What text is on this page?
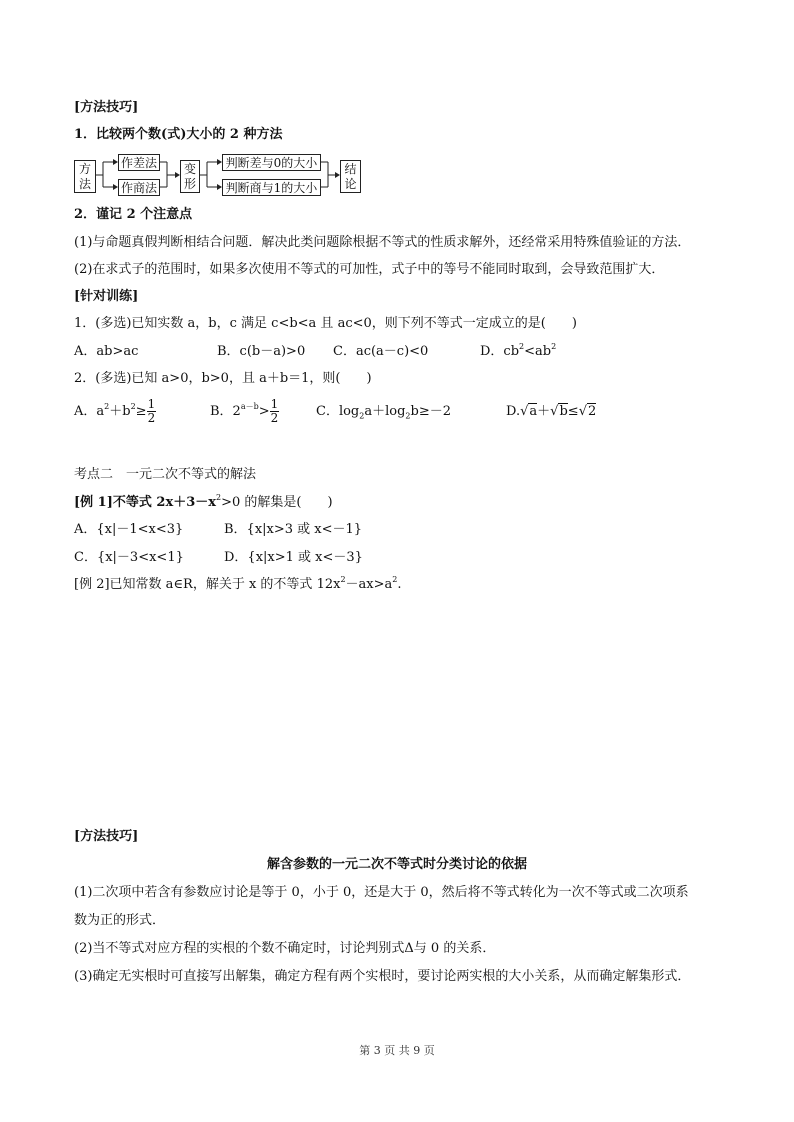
[方法技巧]
1．比较两个数(式)大小的 2 种方法
方
法
作差法
作商法
变
形
判断差与0的大小
判断商与1的大小
结
论
2．谨记 2 个注意点
(1)与命题真假判断相结合问题．解决此类问题除根据不等式的性质求解外，还经常采用特殊值验证的方法．
(2)在求式子的范围时，如果多次使用不等式的可加性，式子中的等号不能同时取到，会导致范围扩大．
[针对训练]
1．(多选)已知实数 a，b，c 满足 c<b<a 且 ac<0，则下列不等式一定成立的是(　　)
A．ab>ac	B．c(b－a)>0 C．ac(a－c)<0	D．$cb^2<ab^2$
2．(多选)已知 a>0，b>0，且 a＋b＝1，则(　　)
A．$a^2+b^2\ge \frac{1}{2}$	B．$2^{a-b}> \frac{1}{2}$	C．$\log_2a+\log_2b\ge-2$	D.√a＋√b≤√2
考点二　一元二次不等式的解法
[例 1]不等式 $2x+3-x^2>0$ 的解集是(　　)
A．{x|－1<x<3}	B．{x|x>3 或 x<－1}
C．{x|－3<x<1}	D．{x|x>1 或 x<－3}
[例 2]已知常数 a∈R，解关于 x 的不等式 $12x^2-ax>a^2$.
[方法技巧]
解含参数的一元二次不等式时分类讨论的依据
(1)二次项中若含有参数应讨论是等于 0，小于 0，还是大于 0，然后将不等式转化为一次不等式或二次项系
数为正的形式．
(2)当不等式对应方程的实根的个数不确定时，讨论判别式Δ与 0 的关系．
(3)确定无实根时可直接写出解集，确定方程有两个实根时，要讨论两实根的大小关系，从而确定解集形式．
第 3 页 共 9 页
